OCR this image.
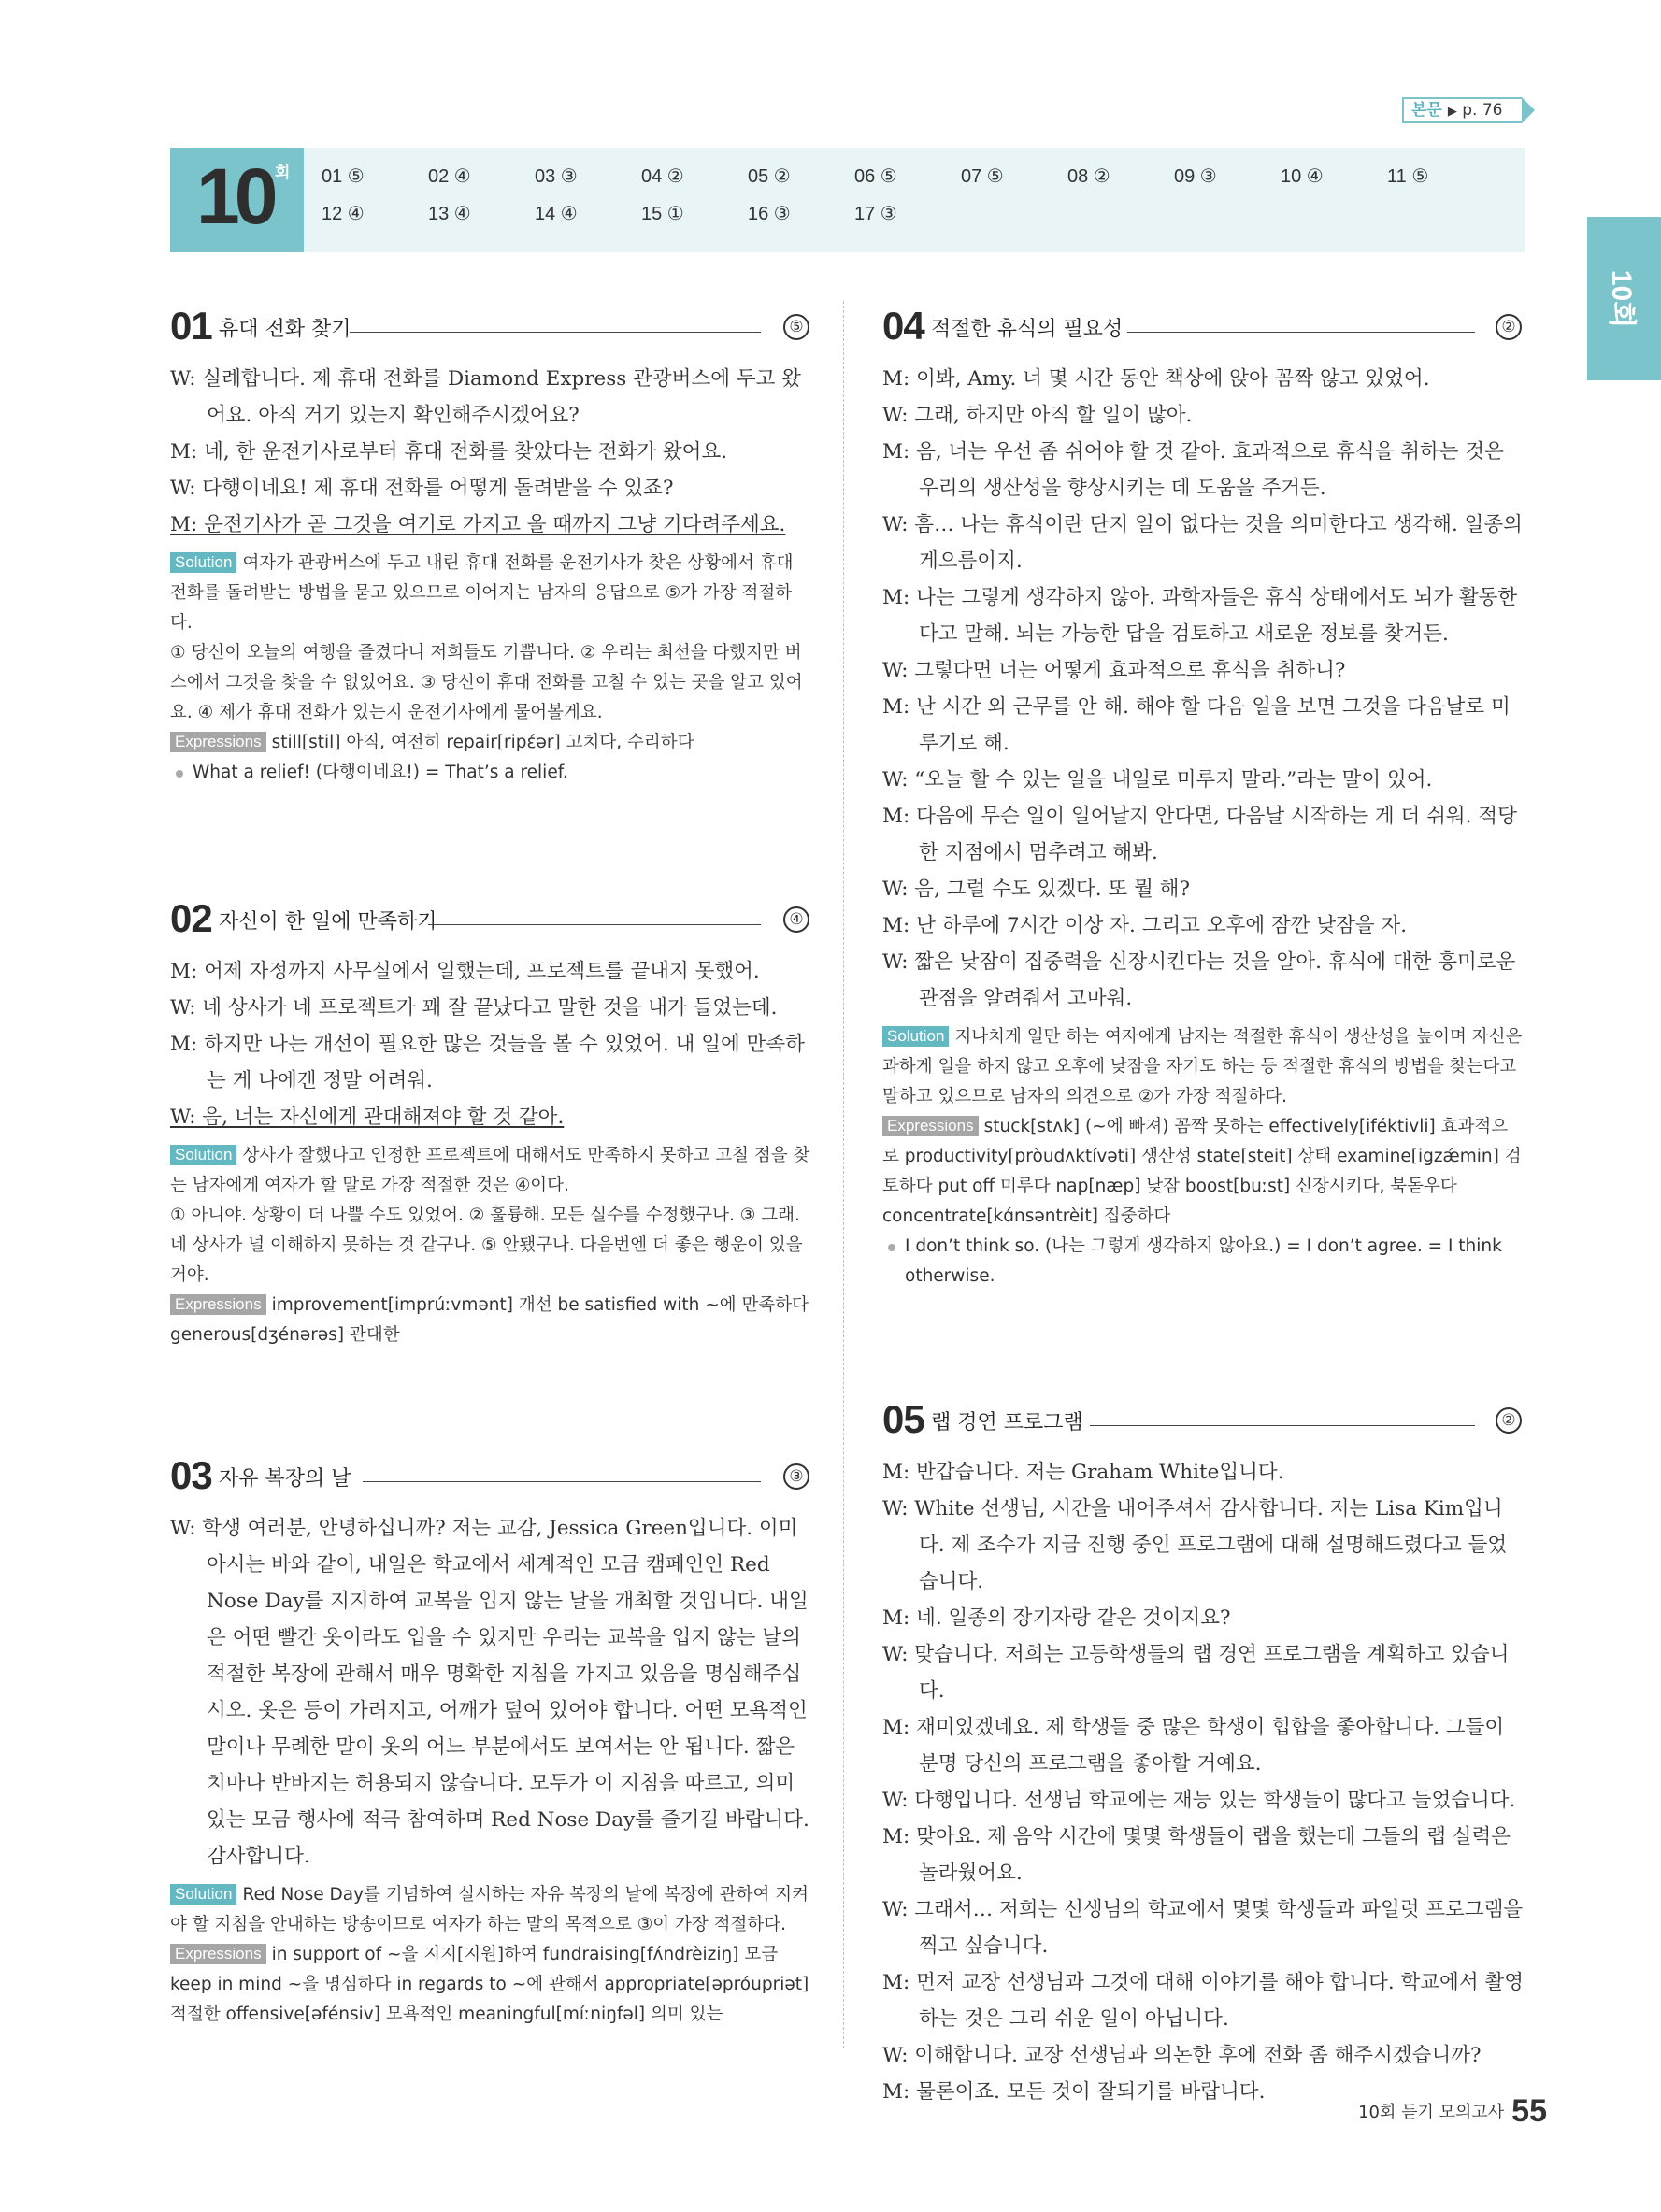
본문 ▶ p. 76
10회
10 회 01 ⑤	02 ④	03 ③	04 ②	05 ②	06 ⑤	07 ⑤	08 ②	09 ③	10 ④	11 ⑤
12 ④	13 ④	14 ④	15 ①	16 ③	17 ③
01 휴대 전화 찾기	⑤
W: 실례합니다. 제 휴대 전화를 Diamond Express 관광버스에 두고 왔어요. 아직 거기 있는지 확인해주시겠어요?
M: 네, 한 운전기사로부터 휴대 전화를 찾았다는 전화가 왔어요.
W: 다행이네요! 제 휴대 전화를 어떻게 돌려받을 수 있죠?
M: 운전기사가 곧 그것을 여기로 가지고 올 때까지 그냥 기다려주세요.
Solution 여자가 관광버스에 두고 내린 휴대 전화를 운전기사가 찾은 상황에서 휴대 전화를 돌려받는 방법을 묻고 있으므로 이어지는 남자의 응답으로 ⑤가 가장 적절하다.
① 당신이 오늘의 여행을 즐겼다니 저희들도 기쁩니다. ② 우리는 최선을 다했지만 버스에서 그것을 찾을 수 없었어요. ③ 당신이 휴대 전화를 고칠 수 있는 곳을 알고 있어요. ④ 제가 휴대 전화가 있는지 운전기사에게 물어볼게요.
Expressions still[stil] 아직, 여전히 repair[ripέər] 고치다, 수리하다
What a relief! (다행이네요!) = That’s a relief.
02 자신이 한 일에 만족하기	④
M: 어제 자정까지 사무실에서 일했는데, 프로젝트를 끝내지 못했어.
W: 네 상사가 네 프로젝트가 꽤 잘 끝났다고 말한 것을 내가 들었는데.
M: 하지만 나는 개선이 필요한 많은 것들을 볼 수 있었어. 내 일에 만족하는 게 나에겐 정말 어려워.
W: 음, 너는 자신에게 관대해져야 할 것 같아.
Solution 상사가 잘했다고 인정한 프로젝트에 대해서도 만족하지 못하고 고칠 점을 찾는 남자에게 여자가 할 말로 가장 적절한 것은 ④이다.
① 아니야. 상황이 더 나쁠 수도 있었어. ② 훌륭해. 모든 실수를 수정했구나. ③ 그래. 네 상사가 널 이해하지 못하는 것 같구나. ⑤ 안됐구나. 다음번엔 더 좋은 행운이 있을 거야.
Expressions improvement[imprúːvmənt] 개선 be satisfied with ~에 만족하다 generous[dʒénərəs] 관대한
03 자유 복장의 날	③
W: 학생 여러분, 안녕하십니까? 저는 교감, Jessica Green입니다. 이미 아시는 바와 같이, 내일은 학교에서 세계적인 모금 캠페인인 Red Nose Day를 지지하여 교복을 입지 않는 날을 개최할 것입니다. 내일은 어떤 빨간 옷이라도 입을 수 있지만 우리는 교복을 입지 않는 날의 적절한 복장에 관해서 매우 명확한 지침을 가지고 있음을 명심해주십시오. 옷은 등이 가려지고, 어깨가 덮여 있어야 합니다. 어떤 모욕적인 말이나 무례한 말이 옷의 어느 부분에서도 보여서는 안 됩니다. 짧은 치마나 반바지는 허용되지 않습니다. 모두가 이 지침을 따르고, 의미 있는 모금 행사에 적극 참여하며 Red Nose Day를 즐기길 바랍니다. 감사합니다.
Solution Red Nose Day를 기념하여 실시하는 자유 복장의 날에 복장에 관하여 지켜야 할 지침을 안내하는 방송이므로 여자가 하는 말의 목적으로 ③이 가장 적절하다.
Expressions in support of ~을 지지[지원]하여 fundraising[fʌ́ndrèiziŋ] 모금 keep in mind ~을 명심하다 in regards to ~에 관해서 appropriate[əpróupriət] 적절한 offensive[əfénsiv] 모욕적인 meaningful[míːniŋfəl] 의미 있는
04 적절한 휴식의 필요성	②
M: 이봐, Amy. 너 몇 시간 동안 책상에 앉아 꼼짝 않고 있었어.
W: 그래, 하지만 아직 할 일이 많아.
M: 음, 너는 우선 좀 쉬어야 할 것 같아. 효과적으로 휴식을 취하는 것은 우리의 생산성을 향상시키는 데 도움을 주거든.
W: 흠… 나는 휴식이란 단지 일이 없다는 것을 의미한다고 생각해. 일종의 게으름이지.
M: 나는 그렇게 생각하지 않아. 과학자들은 휴식 상태에서도 뇌가 활동한다고 말해. 뇌는 가능한 답을 검토하고 새로운 정보를 찾거든.
W: 그렇다면 너는 어떻게 효과적으로 휴식을 취하니?
M: 난 시간 외 근무를 안 해. 해야 할 다음 일을 보면 그것을 다음날로 미루기로 해.
W: “오늘 할 수 있는 일을 내일로 미루지 말라.”라는 말이 있어.
M: 다음에 무슨 일이 일어날지 안다면, 다음날 시작하는 게 더 쉬워. 적당한 지점에서 멈추려고 해봐.
W: 음, 그럴 수도 있겠다. 또 뭘 해?
M: 난 하루에 7시간 이상 자. 그리고 오후에 잠깐 낮잠을 자.
W: 짧은 낮잠이 집중력을 신장시킨다는 것을 알아. 휴식에 대한 흥미로운 관점을 알려줘서 고마워.
Solution 지나치게 일만 하는 여자에게 남자는 적절한 휴식이 생산성을 높이며 자신은 과하게 일을 하지 않고 오후에 낮잠을 자기도 하는 등 적절한 휴식의 방법을 찾는다고 말하고 있으므로 남자의 의견으로 ②가 가장 적절하다.
Expressions stuck[stʌk] (~에 빠져) 꼼짝 못하는 effectively[iféktivli] 효과적으로 productivity[pròudʌktívəti] 생산성 state[steit] 상태 examine[igzǽmin] 검토하다 put off 미루다 nap[næp] 낮잠 boost[buːst] 신장시키다, 북돋우다 concentrate[kɑ́nsəntrèit] 집중하다
I don’t think so. (나는 그렇게 생각하지 않아요.) = I don’t agree. = I think otherwise.
05 랩 경연 프로그램	②
M: 반갑습니다. 저는 Graham White입니다.
W: White 선생님, 시간을 내어주셔서 감사합니다. 저는 Lisa Kim입니다. 제 조수가 지금 진행 중인 프로그램에 대해 설명해드렸다고 들었습니다.
M: 네. 일종의 장기자랑 같은 것이지요?
W: 맞습니다. 저희는 고등학생들의 랩 경연 프로그램을 계획하고 있습니다.
M: 재미있겠네요. 제 학생들 중 많은 학생이 힙합을 좋아합니다. 그들이 분명 당신의 프로그램을 좋아할 거예요.
W: 다행입니다. 선생님 학교에는 재능 있는 학생들이 많다고 들었습니다.
M: 맞아요. 제 음악 시간에 몇몇 학생들이 랩을 했는데 그들의 랩 실력은 놀라웠어요.
W: 그래서… 저희는 선생님의 학교에서 몇몇 학생들과 파일럿 프로그램을 찍고 싶습니다.
M: 먼저 교장 선생님과 그것에 대해 이야기를 해야 합니다. 학교에서 촬영하는 것은 그리 쉬운 일이 아닙니다.
W: 이해합니다. 교장 선생님과 의논한 후에 전화 좀 해주시겠습니까?
M: 물론이죠. 모든 것이 잘되기를 바랍니다.
10회 듣기 모의고사 55
